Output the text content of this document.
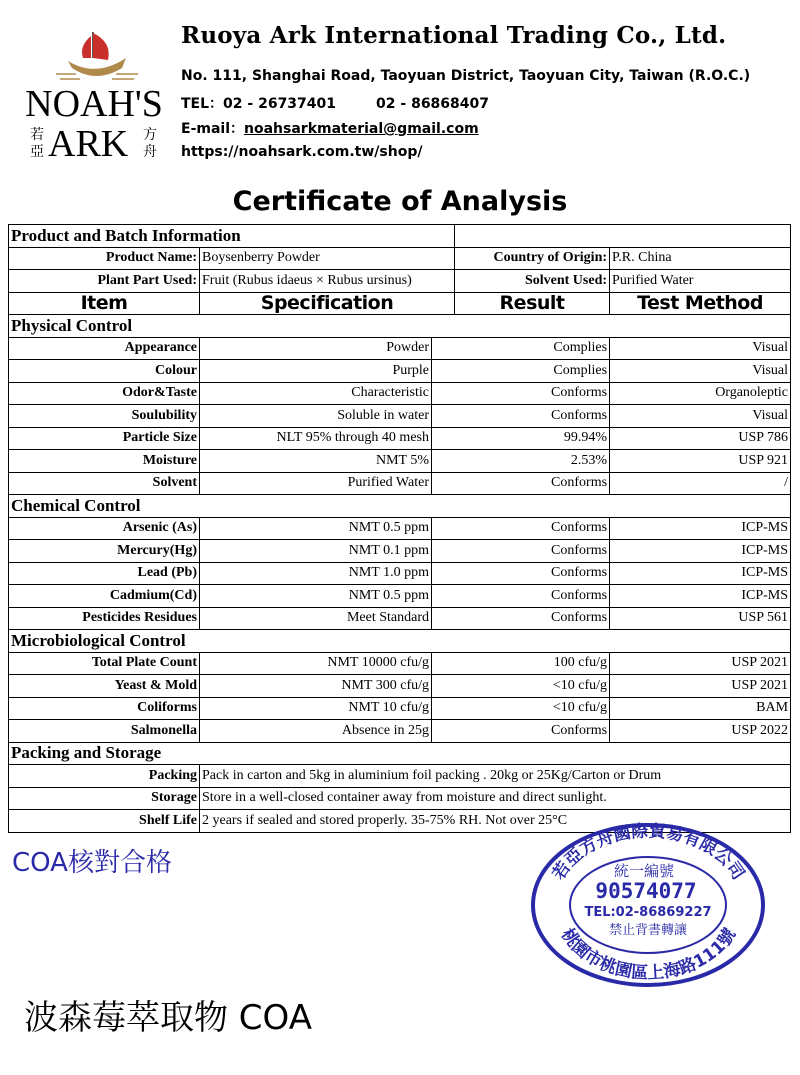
NOAH'S
若亞 ARK 方舟
Ruoya Ark International Trading Co., Ltd.
No. 111, Shanghai Road, Taoyuan District, Taoyuan City, Taiwan (R.O.C.)
TEL：02 - 26737401	02 - 86868407
E-mail：noahsarkmaterial@gmail.com
https://noahsark.com.tw/shop/
Certificate of Analysis
Product and Batch Information				
Product Name:	Boysenberry Powder		Country of Origin:	P.R. China
Plant Part Used:	Fruit (Rubus idaeus × Rubus ursinus)		Solvent Used:	Purified Water
Item	Specification		Result	Test Method
Physical Control				
Appearance	Powder	Complies		Visual
Colour	Purple	Complies		Visual
Odor&Taste	Characteristic	Conforms		Organoleptic
Soulubility	Soluble in water	Conforms		Visual
Particle Size	NLT 95% through 40 mesh	99.94%		USP 786
Moisture	NMT 5%	2.53%		USP 921
Solvent	Purified Water	Conforms		/
Chemical Control				
Arsenic (As)	NMT 0.5 ppm	Conforms		ICP-MS
Mercury(Hg)	NMT 0.1 ppm	Conforms		ICP-MS
Lead (Pb)	NMT 1.0 ppm	Conforms		ICP-MS
Cadmium(Cd)	NMT 0.5 ppm	Conforms		ICP-MS
Pesticides Residues	Meet Standard	Conforms		USP 561
Microbiological Control				
Total Plate Count	NMT 10000 cfu/g	100 cfu/g		USP 2021
Yeast & Mold	NMT 300 cfu/g	<10 cfu/g		USP 2021
Coliforms	NMT 10 cfu/g	<10 cfu/g		BAM
Salmonella	Absence in 25g	Conforms		USP 2022
Packing and Storage				
Packing	Pack in carton and 5kg in aluminium foil packing . 20kg or 25Kg/Carton or Drum			
Storage	Store in a well-closed container away from moisture and direct sunlight.			
Shelf Life	2 years if sealed and stored properly. 35-75% RH. Not over 25°C			
COA核對合格	若亞方舟國際貿易有限公司
桃園市桃園區上海路111號
統一編號
90574077
TEL:02-86869227
禁止背書轉讓
波森莓萃取物 COA
